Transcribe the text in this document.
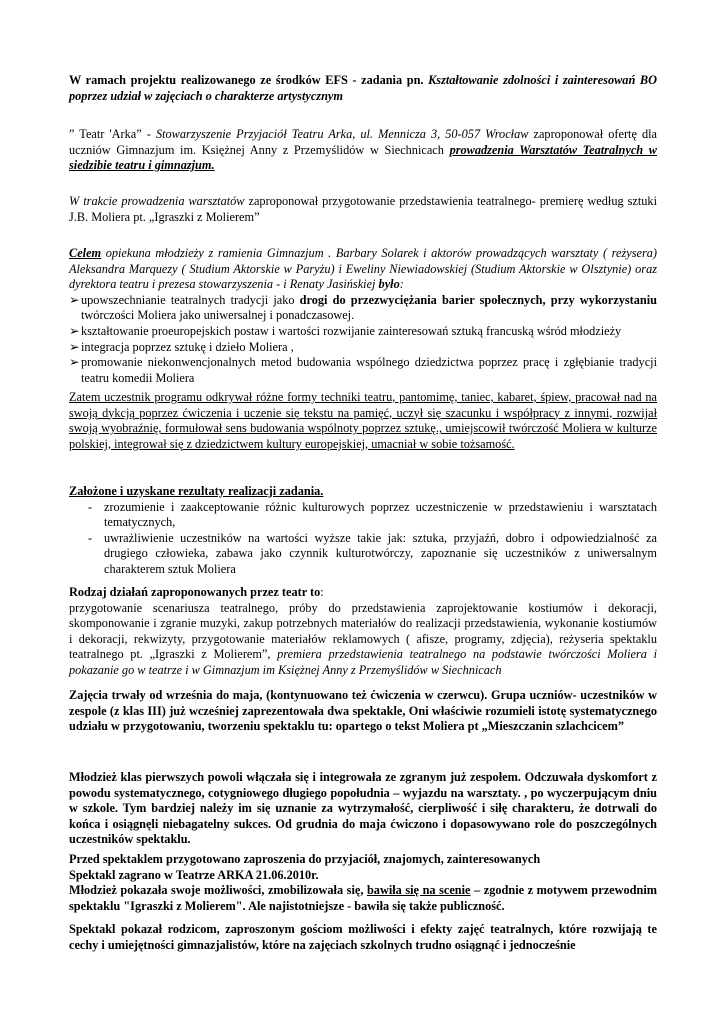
W ramach projektu realizowanego ze środków EFS - zadania pn. Kształtowanie zdolności i zainteresowań BO poprzez udział w zajęciach o charakterze artystycznym

” Teatr 'Arka” - Stowarzyszenie Przyjaciół Teatru Arka, ul. Mennicza 3, 50-057 Wrocław zaproponował ofertę dla uczniów Gimnazjum im. Księżnej Anny z Przemyślidów w Siechnicach prowadzenia Warsztatów Teatralnych w siedzibie teatru i gimnazjum.

W trakcie prowadzenia warsztatów zaproponował przygotowanie przedstawienia teatralnego- premierę według sztuki J.B. Moliera pt. „Igraszki z Molierem”

Celem opiekuna młodzieży z ramienia Gimnazjum . Barbary Solarek i aktorów prowadzących warsztaty ( reżysera) Aleksandra Marquezy ( Studium Aktorskie w Paryżu) i Eweliny Niewiadowskiej (Studium Aktorskie w Olsztynie) oraz dyrektora teatru i prezesa stowarzyszenia - i Renaty Jasińskiej było:

➢ upowszechnianie teatralnych tradycji jako drogi do przezwyciężania barier społecznych, przy wykorzystaniu twórczości Moliera jako uniwersalnej i ponadczasowej.

➢ kształtowanie proeuropejskich postaw i wartości rozwijanie zainteresowań sztuką francuską wśród młodzieży

➢ integracja poprzez sztukę i dzieło Moliera ,

➢ promowanie niekonwencjonalnych metod budowania wspólnego dziedzictwa poprzez pracę i zgłębianie tradycji teatru komedii Moliera

Zatem uczestnik programu odkrywał różne formy techniki teatru, pantomimę, taniec, kabaret, śpiew, pracował nad na swoją dykcją poprzez ćwiczenia i uczenie się tekstu na pamięć, uczył się szacunku i współpracy z innymi, rozwijał swoją wyobraźnię, formułował sens budowania wspólnoty poprzez sztukę., umiejscowił twórczość Moliera w kulturze polskiej, integrował się z dziedzictwem kultury europejskiej, umacniał w sobie tożsamość.

Założone i uzyskane rezultaty realizacji zadania.

- zrozumienie i zaakceptowanie różnic kulturowych poprzez uczestniczenie w przedstawieniu i warsztatach tematycznych,
- uwrażliwienie uczestników na wartości wyższe takie jak: sztuka, przyjaźń, dobro i odpowiedzialność za drugiego człowieka, zabawa jako czynnik kulturotwórczy, zapoznanie się uczestników z uniwersalnym charakterem sztuk Moliera

Rodzaj działań zaproponowanych przez teatr to:

przygotowanie scenariusza teatralnego, próby do przedstawienia zaprojektowanie kostiumów i dekoracji, skomponowanie i zgranie muzyki, zakup potrzebnych materiałów do realizacji przedstawienia, wykonanie kostiumów i dekoracji, rekwizyty, przygotowanie materiałów reklamowych ( afisze, programy, zdjęcia), reżyseria spektaklu teatralnego pt. „Igraszki z Molierem”, premiera przedstawienia teatralnego na podstawie twórczości Moliera i pokazanie go w teatrze i w Gimnazjum im Księżnej Anny z Przemyślidów w Siechnicach

Zajęcia trwały od września do maja, (kontynuowano też ćwiczenia w czerwcu). Grupa uczniów- uczestników w zespole (z klas III) już wcześniej zaprezentowała dwa spektakle, Oni właściwie rozumieli istotę systematycznego udziału w przygotowaniu, tworzeniu spektaklu tu: opartego o tekst Moliera pt „Mieszczanin szlachcicem”

Młodzież klas pierwszych powoli włączała się i integrowała ze zgranym już zespołem. Odczuwała dyskomfort z powodu systematycznego, cotygniowego długiego popołudnia – wyjazdu na warsztaty. , po wyczerpującym dniu w szkole. Tym bardziej należy im się uznanie za wytrzymałość, cierpliwość i siłę charakteru, że dotrwali do końca i osiągnęli niebagatelny sukces. Od grudnia do maja ćwiczono i dopasowywano role do poszczególnych uczestników spektaklu.

Przed spektaklem przygotowano zaproszenia do przyjaciół, znajomych, zainteresowanych

Spektakl zagrano w Teatrze ARKA 21.06.2010r.

Młodzież pokazała swoje możliwości, zmobilizowała się, bawiła się na scenie – zgodnie z motywem przewodnim spektaklu "Igraszki z Molierem". Ale najistotniejsze - bawiła się także publiczność.

Spektakl pokazał rodzicom, zaproszonym gościom możliwości i efekty zajęć teatralnych, które rozwijają te cechy i umiejętności gimnazjalistów, które na zajęciach szkolnych trudno osiągnąć i jednocześnie
